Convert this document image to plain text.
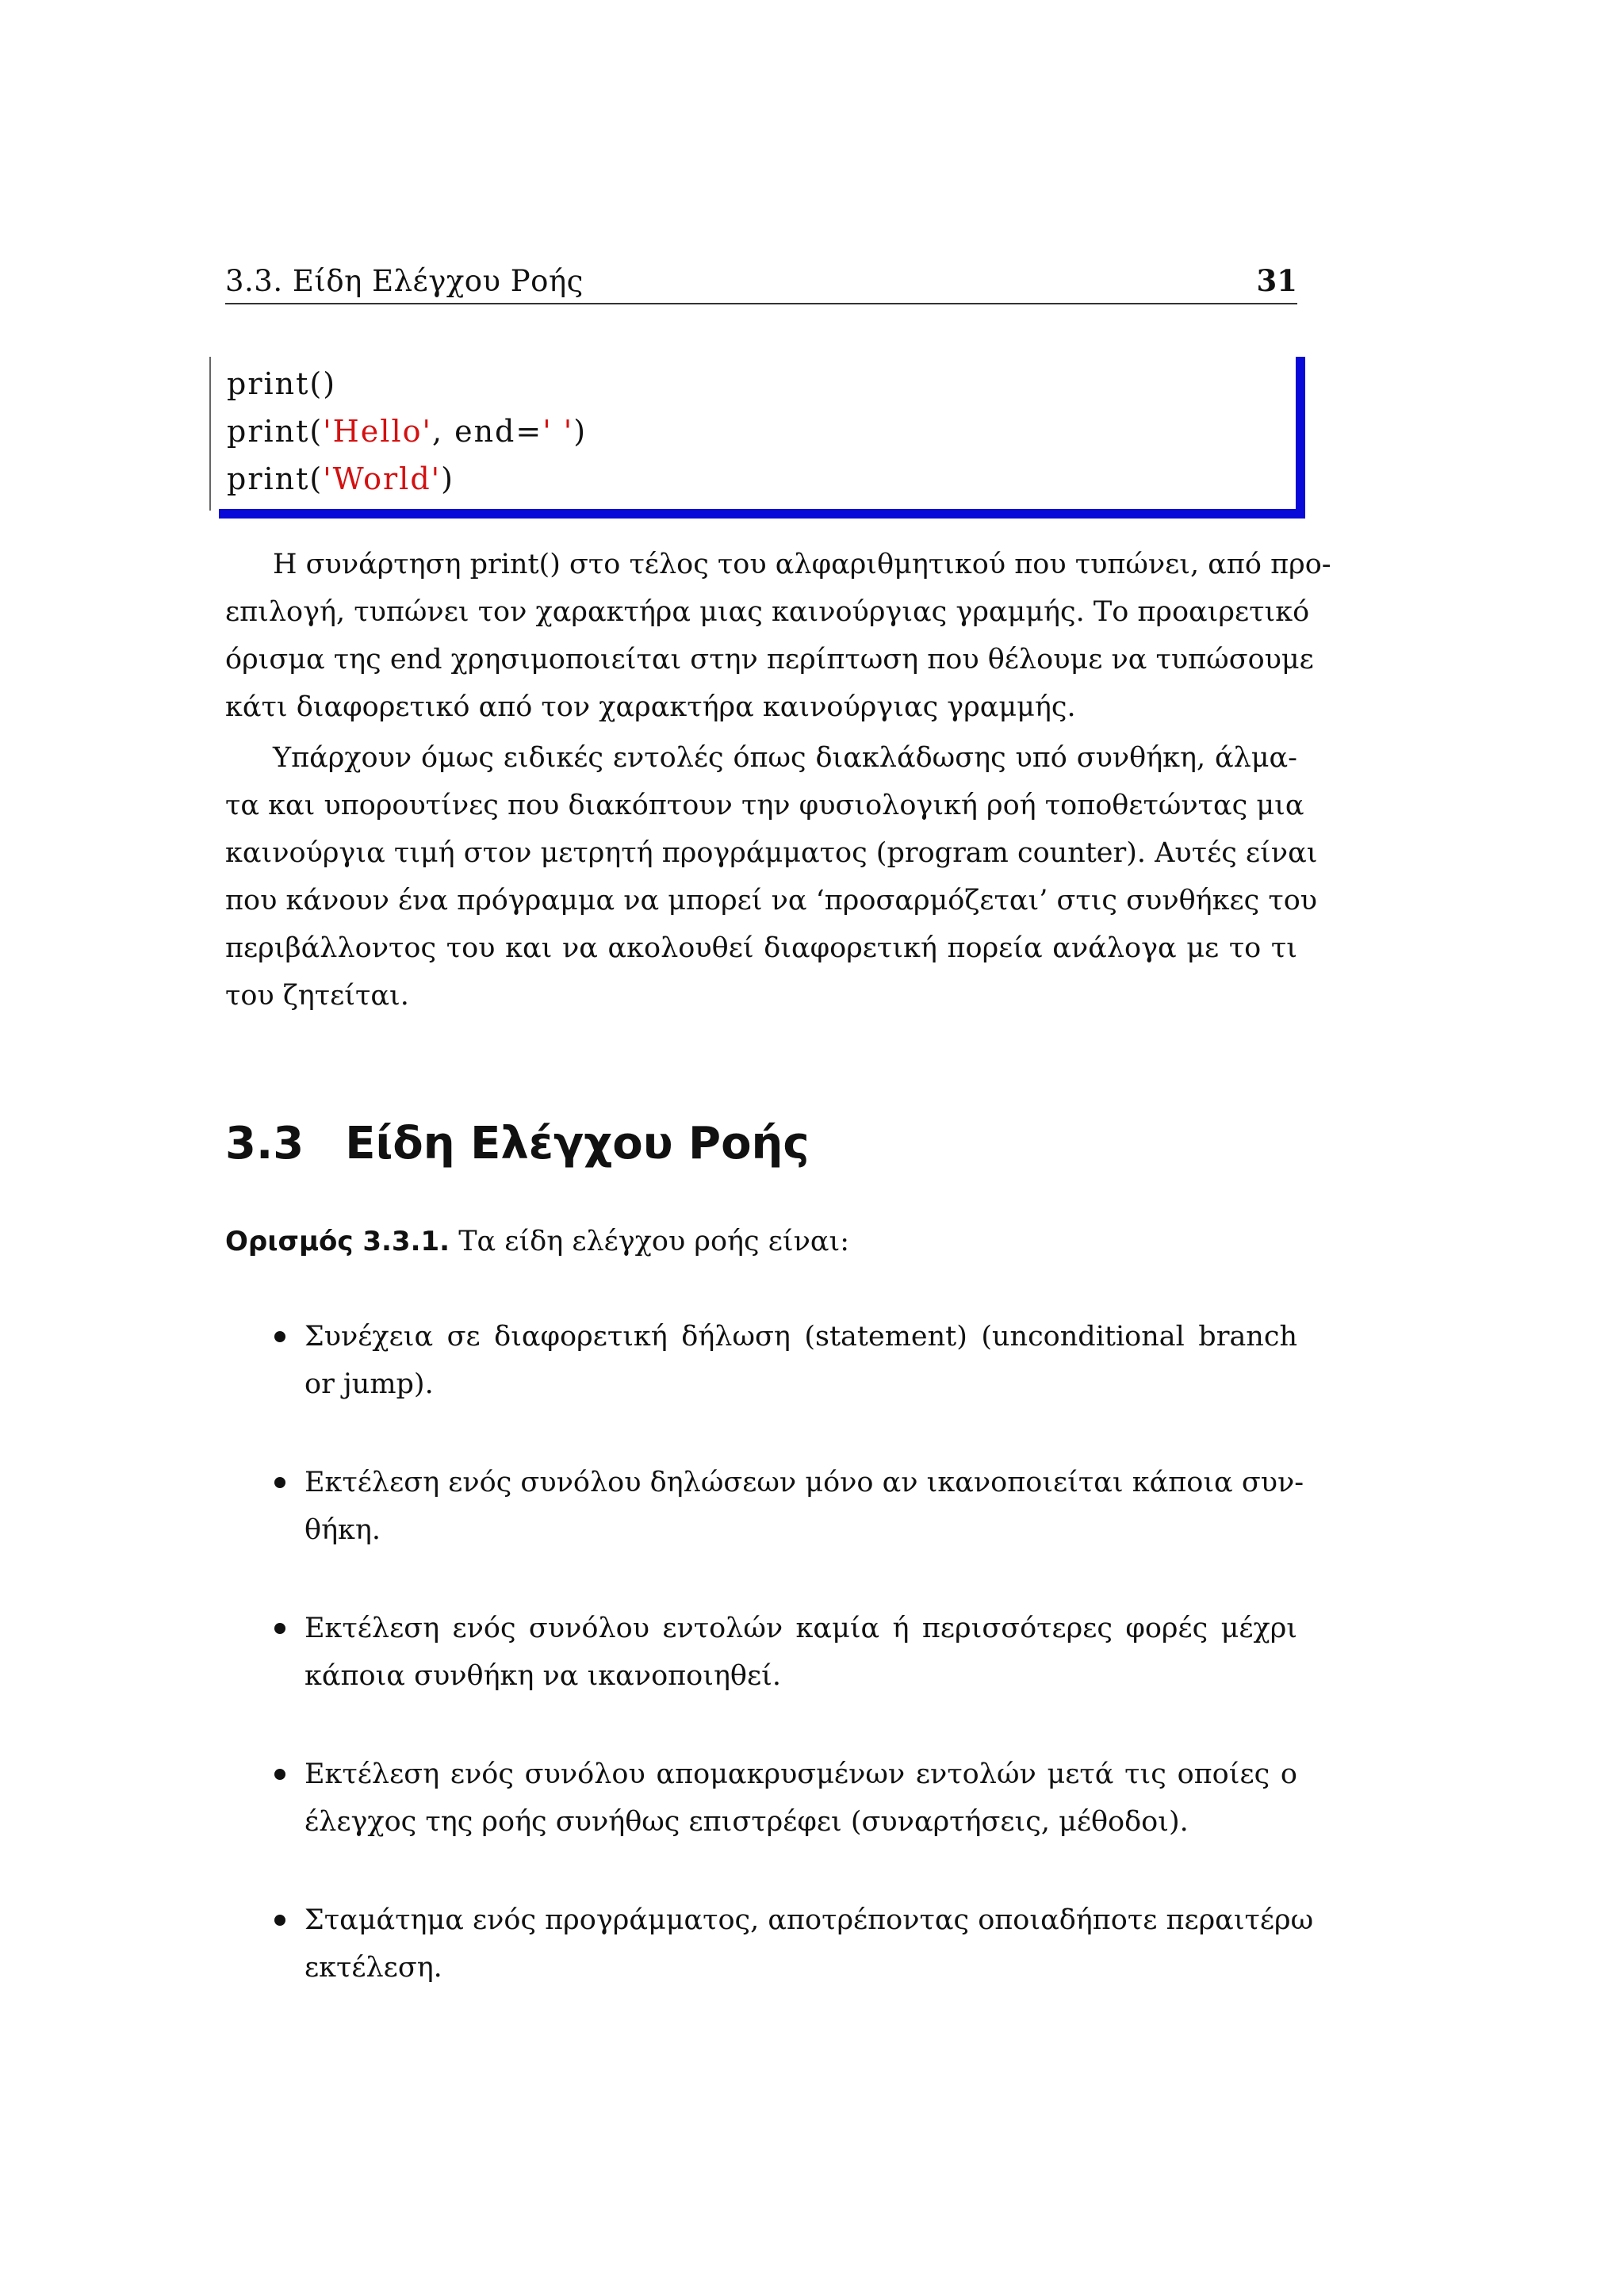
3.3. Είδη Ελέγχου Ροής	31
print()
print('Hello', end=' ')
print('World')
Η συνάρτηση print() στο τέλος του αλφαριθμητικού που τυπώνει, από προ-
επιλογή, τυπώνει τον χαρακτήρα μιας καινούργιας γραμμής. Το προαιρετικό
όρισμα της end χρησιμοποιείται στην περίπτωση που θέλουμε να τυπώσουμε
κάτι διαφορετικό από τον χαρακτήρα καινούργιας γραμμής.
Υπάρχουν όμως ειδικές εντολές όπως διακλάδωσης υπό συνθήκη, άλμα-
τα και υπορουτίνες που διακόπτουν την φυσιολογική ροή τοποθετώντας μια
καινούργια τιμή στον μετρητή προγράμματος (program counter). Αυτές είναι
που κάνουν ένα πρόγραμμα να μπορεί να ‘προσαρμόζεται’ στις συνθήκες του
περιβάλλοντος του και να ακολουθεί διαφορετική πορεία ανάλογα με το τι
του ζητείται.
3.3 Είδη Ελέγχου Ροής
Ορισμός 3.3.1. Τα είδη ελέγχου ροής είναι:
Συνέχεια σε διαφορετική δήλωση (statement) (unconditional branch
or jump).
Εκτέλεση ενός συνόλου δηλώσεων μόνο αν ικανοποιείται κάποια συν-
θήκη.
Εκτέλεση ενός συνόλου εντολών καμία ή περισσότερες φορές μέχρι
κάποια συνθήκη να ικανοποιηθεί.
Εκτέλεση ενός συνόλου απομακρυσμένων εντολών μετά τις οποίες ο
έλεγχος της ροής συνήθως επιστρέφει (συναρτήσεις, μέθοδοι).
Σταμάτημα ενός προγράμματος, αποτρέποντας οποιαδήποτε περαιτέρω
εκτέλεση.
